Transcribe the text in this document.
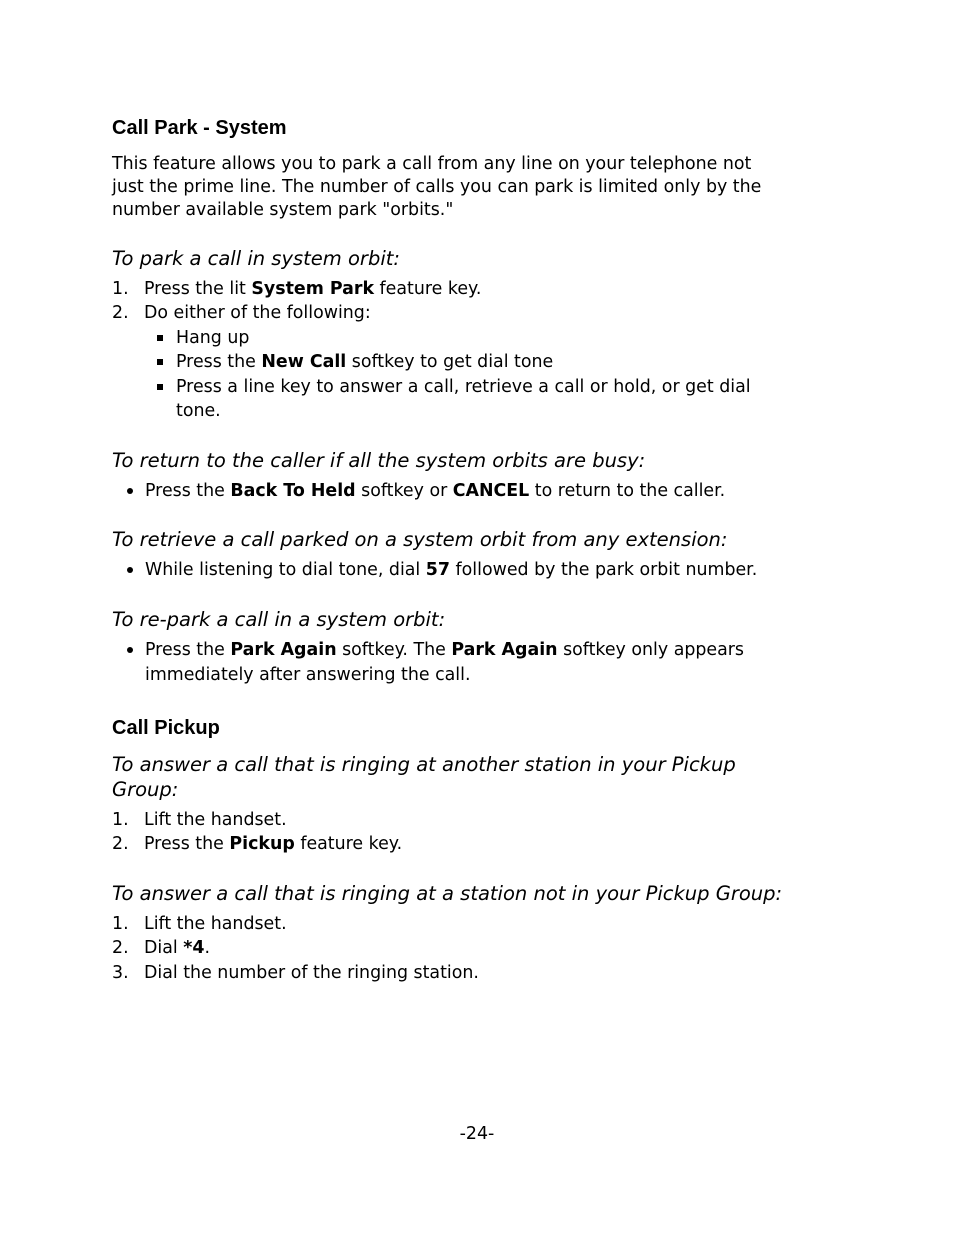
Call Park - System
This feature allows you to park a call from any line on your telephone not
just the prime line. The number of calls you can park is limited only by the
number available system park "orbits."
To park a call in system orbit:
1. Press the lit System Park feature key.
2. Do either of the following:
Hang up
Press the New Call softkey to get dial tone
Press a line key to answer a call, retrieve a call or hold, or get dial
tone.
To return to the caller if all the system orbits are busy:
Press the Back To Held softkey or CANCEL to return to the caller.
To retrieve a call parked on a system orbit from any extension:
While listening to dial tone, dial 57 followed by the park orbit number.
To re-park a call in a system orbit:
Press the Park Again softkey. The Park Again softkey only appears
immediately after answering the call.
Call Pickup
To answer a call that is ringing at another station in your Pickup
Group:
1. Lift the handset.
2. Press the Pickup feature key.
To answer a call that is ringing at a station not in your Pickup Group:
1. Lift the handset.
2. Dial *4.
3. Dial the number of the ringing station.
-24-
